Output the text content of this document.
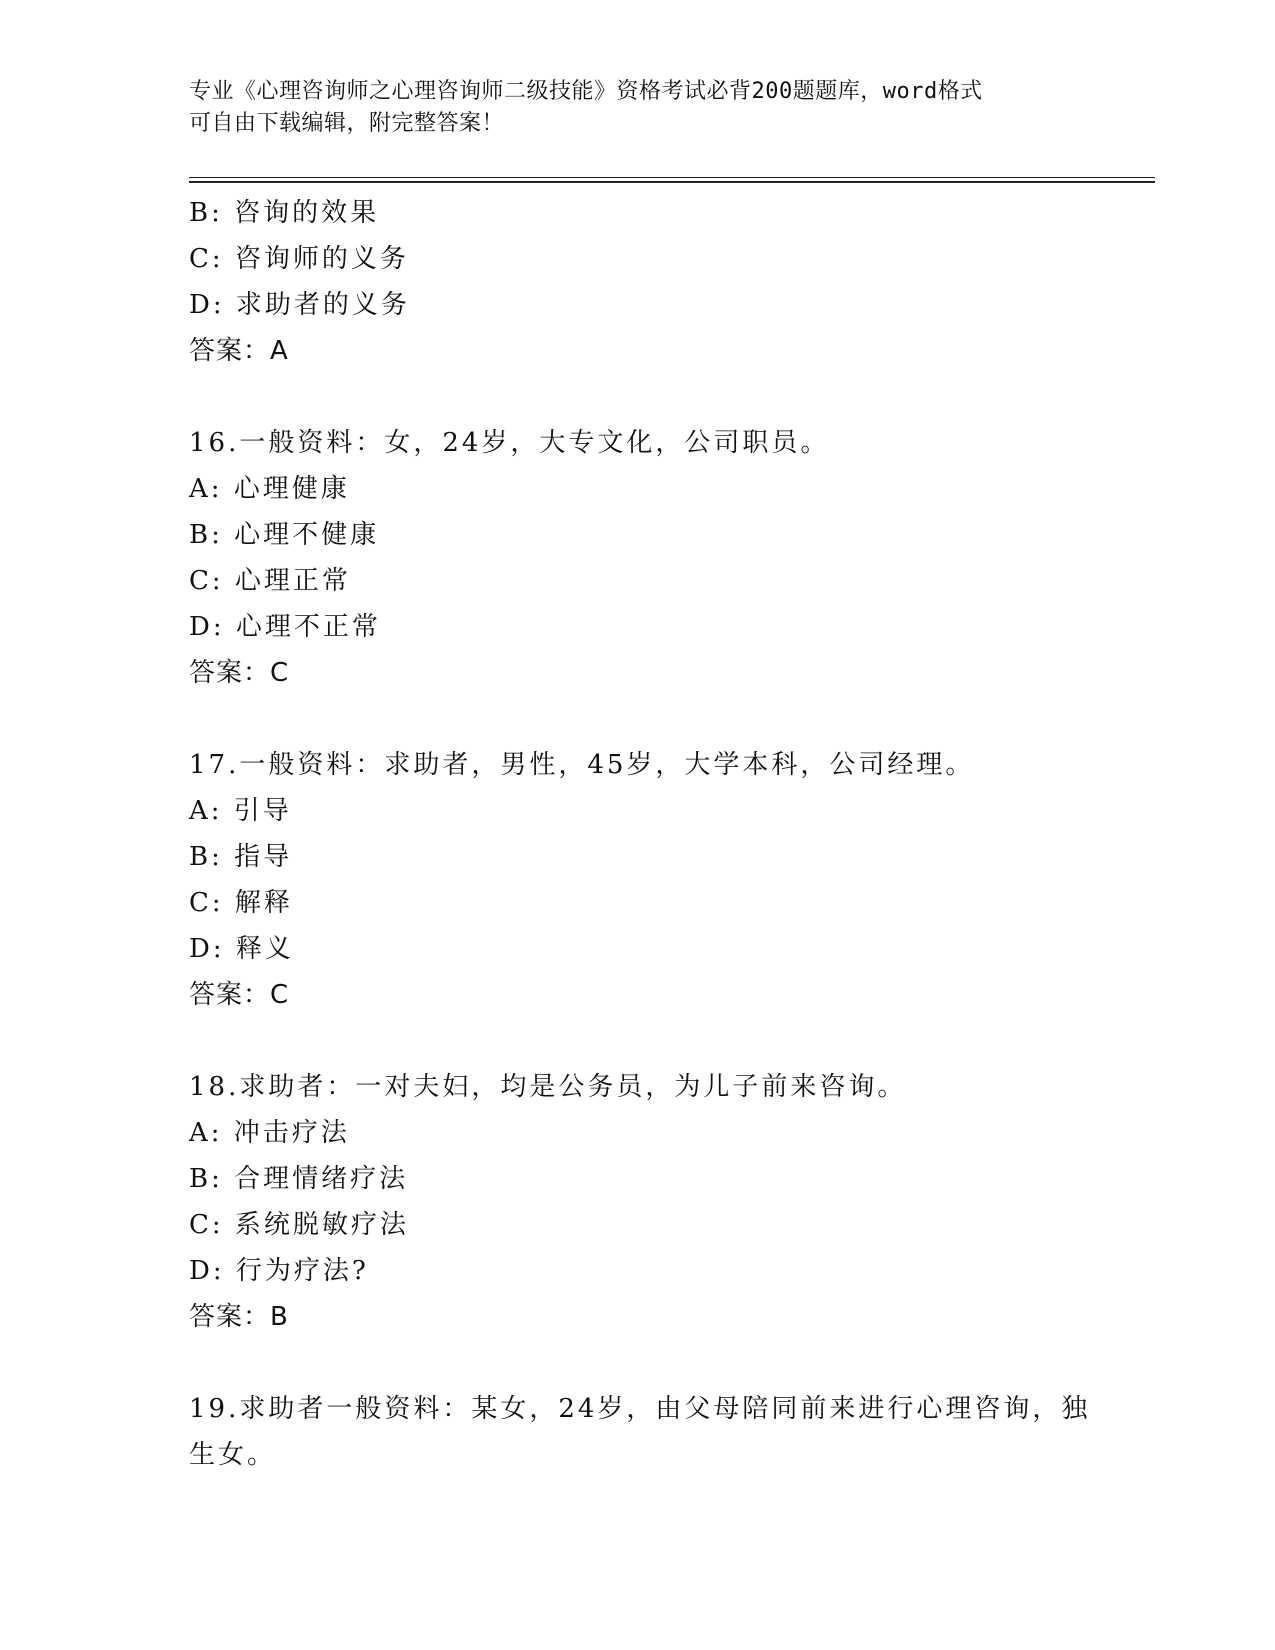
专业《心理咨询师之心理咨询师二级技能》资格考试必背200题题库，word格式
可自由下载编辑，附完整答案！
B: 咨询的效果
C: 咨询师的义务
D: 求助者的义务
答案：A
16.一般资料：女，24岁，大专文化，公司职员。
A: 心理健康
B: 心理不健康
C: 心理正常
D: 心理不正常
答案：C
17.一般资料：求助者，男性，45岁，大学本科，公司经理。
A: 引导
B: 指导
C: 解释
D: 释义
答案：C
18.求助者：一对夫妇，均是公务员，为儿子前来咨询。
A: 冲击疗法
B: 合理情绪疗法
C: 系统脱敏疗法
D: 行为疗法?
答案：B
19.求助者一般资料：某女，24岁，由父母陪同前来进行心理咨询，独
生女。
